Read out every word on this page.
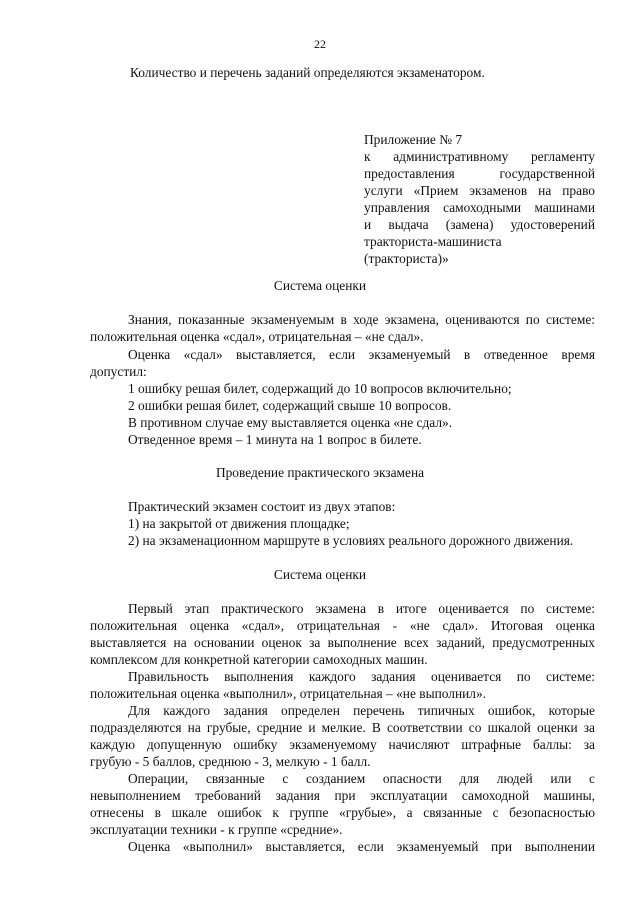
22
Количество и перечень заданий определяются экзаменатором.
Приложение № 7
к административному регламенту
предоставления государственной
услуги «Прием экзаменов на право
управления самоходными машинами
и выдача (замена) удостоверений
тракториста-машиниста
(тракториста)»
Система оценки
Знания, показанные экзаменуемым в ходе экзамена, оцениваются по системе:
положительная оценка «сдал», отрицательная – «не сдал».
Оценка «сдал» выставляется, если экзаменуемый в отведенное время
допустил:
1 ошибку решая билет, содержащий до 10 вопросов включительно;
2 ошибки решая билет, содержащий свыше 10 вопросов.
В противном случае ему выставляется оценка «не сдал».
Отведенное время – 1 минута на 1 вопрос в билете.
Проведение практического экзамена
Практический экзамен состоит из двух этапов:
1) на закрытой от движения площадке;
2) на экзаменационном маршруте в условиях реального дорожного движения.
Система оценки
Первый этап практического экзамена в итоге оценивается по системе:
положительная оценка «сдал», отрицательная - «не сдал». Итоговая оценка
выставляется на основании оценок за выполнение всех заданий, предусмотренных
комплексом для конкретной категории самоходных машин.
Правильность выполнения каждого задания оценивается по системе:
положительная оценка «выполнил», отрицательная – «не выполнил».
Для каждого задания определен перечень типичных ошибок, которые
подразделяются на грубые, средние и мелкие. В соответствии со шкалой оценки за
каждую допущенную ошибку экзаменуемому начисляют штрафные баллы: за
грубую - 5 баллов, среднюю - 3, мелкую - 1 балл.
Операции, связанные с созданием опасности для людей или с
невыполнением требований задания при эксплуатации самоходной машины,
отнесены в шкале ошибок к группе «грубые», а связанные с безопасностью
эксплуатации техники - к группе «средние».
Оценка «выполнил» выставляется, если экзаменуемый при выполнении
